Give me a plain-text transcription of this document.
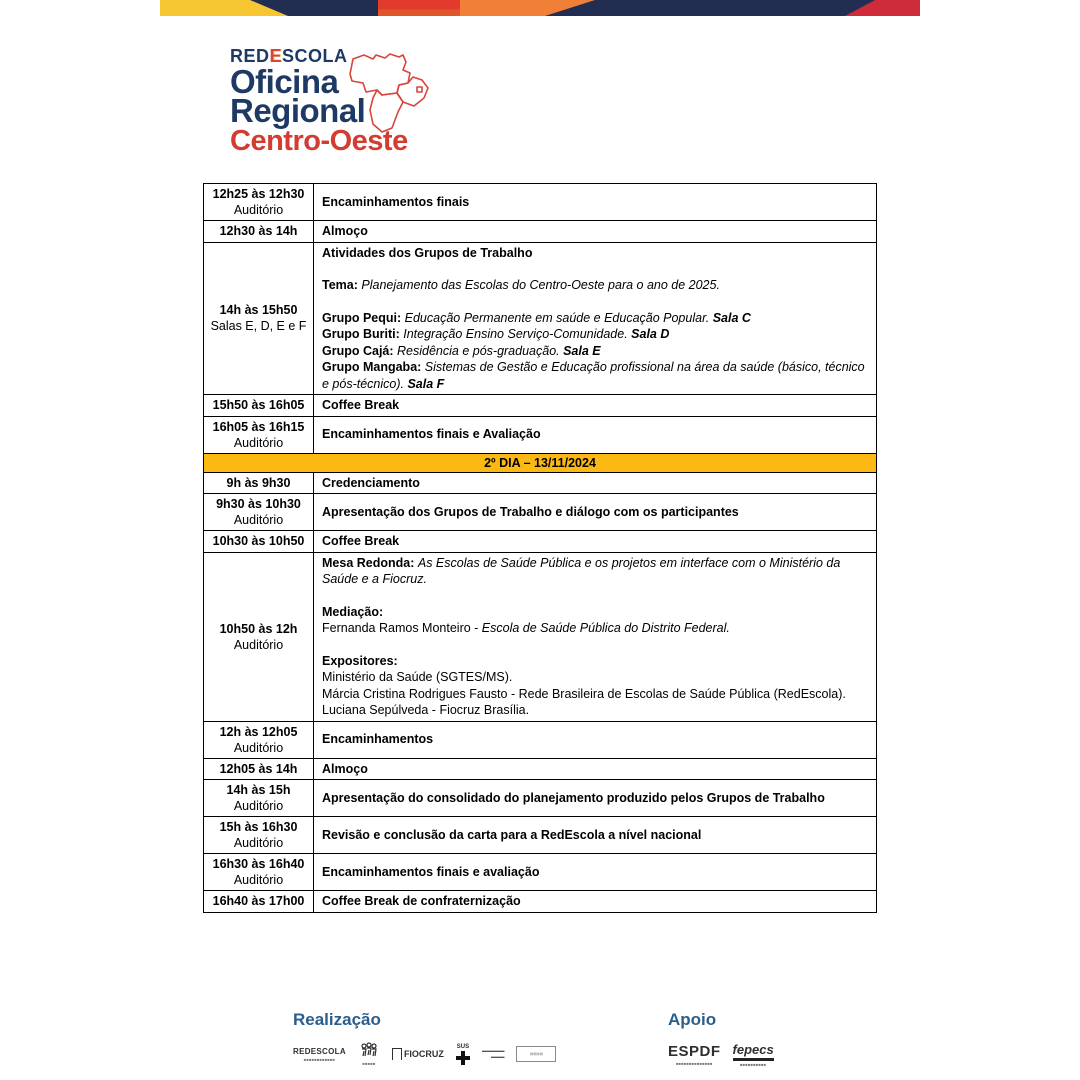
REDESCOLA
Oficina
Regional
Centro-Oeste
12h25 às 12h30
Auditório

Encaminhamentos finais

12h30 às 14h Almoço

14h às 15h50
Salas E, D, E e F

Atividades dos Grupos de Trabalho

Tema: Planejamento das Escolas do Centro-Oeste para o ano de 2025.

Grupo Pequi: Educação Permanente em saúde e Educação Popular. Sala C

Grupo Buriti: Integração Ensino Serviço-Comunidade. Sala D

Grupo Cajá: Residência e pós-graduação. Sala E

Grupo Mangaba: Sistemas de Gestão e Educação profissional na área da saúde (básico, técnico e pós-técnico). Sala F

15h50 às 16h05 Coffee Break

16h05 às 16h15
Auditório

Encaminhamentos finais e Avaliação

2º DIA – 13/11/2024
9h às 9h30	Credenciamento

9h30 às 10h30
Auditório

Apresentação dos Grupos de Trabalho e diálogo com os participantes

10h30 às 10h50 Coffee Break

10h50 às 12h
Auditório

Mesa Redonda: As Escolas de Saúde Pública e os projetos em interface com o Ministério da Saúde e a Fiocruz.

Mediação:

Fernanda Ramos Monteiro - Escola de Saúde Pública do Distrito Federal.

Expositores:

Ministério da Saúde (SGTES/MS).

Márcia Cristina Rodrigues Fausto - Rede Brasileira de Escolas de Saúde Pública (RedEscola).

Luciana Sepúlveda - Fiocruz Brasília.

12h às 12h05
Auditório

Encaminhamentos

12h05 às 14h Almoço

14h às 15h
Auditório

Apresentação do consolidado do planejamento produzido pelos Grupos de Trabalho

15h às 16h30
Auditório

Revisão e conclusão da carta para a RedEscola a nível nacional

16h30 às 16h40
Auditório

Encaminhamentos finais e avaliação

16h40 às 17h00 Coffee Break de confraternização

Realização
REDESCOLA
■■■■■■■■■■■■
■■■■■
FIOCRUZ
SUS
▬▬▬▬▬
▬▬▬	▤▤▤▤
Apoio
ESPDF
■■■■■■■■■■■■■■
fepecs
■■■■■■■■■■
